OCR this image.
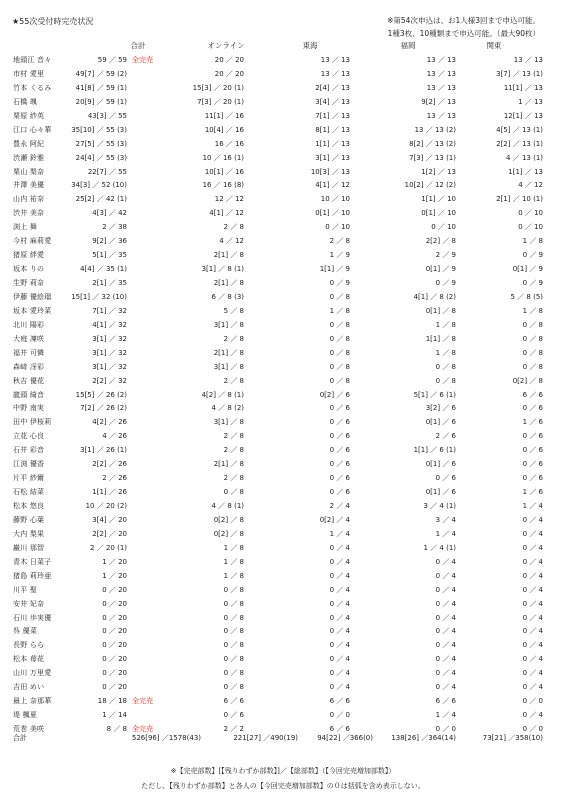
★55次受付時完売状況	※第54次申込は、お1人様3回まで申込可能。
1種3枚、10種類まで申込可能。（最大90枚）
合計	オンライン	東海	福岡	関東
地頭江 音々	59 ／ 59 全完売	20 ／ 20	13 ／ 13	13 ／ 13	13 ／ 13
市村 愛里	49[7] ／ 59 (2)	20 ／ 20	13 ／ 13	13 ／ 13	3[7] ／ 13 (1)
竹本 くるみ	41[8] ／ 59 (1)	15[3] ／ 20 (1)	2[4] ／ 13	13 ／ 13	11[1] ／ 13
石橋 颯	20[9] ／ 59 (1)	7[3] ／ 20 (1)	3[4] ／ 13	9[2] ／ 13	1 ／ 13
栗原 紗英	43[3] ／ 55	11[1] ／ 16	7[1] ／ 13	13 ／ 13	12[1] ／ 13
江口 心々華	35[10] ／ 55 (3)	10[4] ／ 16	8[1] ／ 13	13 ／ 13 (2)	4[5] ／ 13 (1)
豊永 阿紀	27[5] ／ 55 (3)	16 ／ 16	1[1] ／ 13	8[2] ／ 13 (2)	2[2] ／ 13 (1)
渋瀬 鈴雅	24[4] ／ 55 (3)	10 ／ 16 (1)	3[1] ／ 13	7[3] ／ 13 (1)	4 ／ 13 (1)
栗山 梨奈	22[7] ／ 55	10[1] ／ 16	10[3] ／ 13	1[2] ／ 13	1[1] ／ 13
井澤 美優	34[3] ／ 52 (10)	16 ／ 16 (8)	4[1] ／ 12	10[2] ／ 12 (2)	4 ／ 12
山内 祐奈	25[2] ／ 42 (1)	12 ／ 12	10 ／ 10	1[1] ／ 10	2[1] ／ 10 (1)
渋井 美奈	4[3] ／ 42	4[1] ／ 12	0[1] ／ 10	0[1] ／ 10	0 ／ 10
渕上 舞	2 ／ 38	2 ／ 8	0 ／ 10	0 ／ 10	0 ／ 10
今村 麻莉愛	9[2] ／ 36	4 ／ 12	2 ／ 8	2[2] ／ 8	1 ／ 8
猪原 絆愛	5[1] ／ 35	2[1] ／ 8	1 ／ 9	2 ／ 9	0 ／ 9
坂本 りの	4[4] ／ 35 (1)	3[1] ／ 8 (1)	1[1] ／ 9	0[1] ／ 9	0[1] ／ 9
生野 莉奈	2[1] ／ 35	2[1] ／ 8	0 ／ 9	0 ／ 9	0 ／ 9
伊藤 優絵瑠	15[1] ／ 32 (10)	6 ／ 8 (3)	0 ／ 8	4[1] ／ 8 (2)	5 ／ 8 (5)
坂本 愛玲菜	7[1] ／ 32	5 ／ 8	1 ／ 8	0[1] ／ 8	1 ／ 8
北川 陽彩	4[1] ／ 32	3[1] ／ 8	0 ／ 8	1 ／ 8	0 ／ 8
大庭 凜咲	3[1] ／ 32	2 ／ 8	0 ／ 8	1[1] ／ 8	0 ／ 8
福井 可憐	3[1] ／ 32	2[1] ／ 8	0 ／ 8	1 ／ 8	0 ／ 8
森﨑 冴彩	3[1] ／ 32	3[1] ／ 8	0 ／ 8	0 ／ 8	0 ／ 8
秋吉 優花	2[2] ／ 32	2 ／ 8	0 ／ 8	0 ／ 8	0[2] ／ 8
龍頭 綺音	15[5] ／ 26 (2)	4[2] ／ 8 (1)	0[2] ／ 6	5[1] ／ 6 (1)	6 ／ 6
中野 南実	7[2] ／ 26 (2)	4 ／ 8 (2)	0 ／ 6	3[2] ／ 6	0 ／ 6
田中 伊桜莉	4[2] ／ 26	3[1] ／ 8	0 ／ 6	0[1] ／ 6	1 ／ 6
立花 心良	4 ／ 26	2 ／ 8	0 ／ 6	2 ／ 6	0 ／ 6
石井 彩音	3[1] ／ 26 (1)	2 ／ 8	0 ／ 6	1[1] ／ 6 (1)	0 ／ 6
江渕 優香	2[2] ／ 26	2[1] ／ 8	0 ／ 6	0[1] ／ 6	0 ／ 6
片平 紗爾	2 ／ 26	2 ／ 8	0 ／ 6	0 ／ 6	0 ／ 6
石松 結菜	1[1] ／ 26	0 ／ 8	0 ／ 6	0[1] ／ 6	1 ／ 6
松本 悠良	10 ／ 20 (2)	4 ／ 8 (1)	2 ／ 4	3 ／ 4 (1)	1 ／ 4
藤野 心葉	3[4] ／ 20	0[2] ／ 8	0[2] ／ 4	3 ／ 4	0 ／ 4
大内 梨果	2[2] ／ 20	0[2] ／ 8	1 ／ 4	1 ／ 4	0 ／ 4
巖川 那智	2 ／ 20 (1)	1 ／ 8	0 ／ 4	1 ／ 4 (1)	0 ／ 4
青木 日菜子	1 ／ 20	1 ／ 8	0 ／ 4	0 ／ 4	0 ／ 4
猪島 莉玲亜	1 ／ 20	1 ／ 8	0 ／ 4	0 ／ 4	0 ／ 4
川平 聖	0 ／ 20	0 ／ 8	0 ／ 4	0 ／ 4	0 ／ 4
安井 妃奈	0 ／ 20	0 ／ 8	0 ／ 4	0 ／ 4	0 ／ 4
石川 歩実優	0 ／ 20	0 ／ 8	0 ／ 4	0 ／ 4	0 ／ 4
呉 優菜	0 ／ 20	0 ／ 8	0 ／ 4	0 ／ 4	0 ／ 4
長野 らら	0 ／ 20	0 ／ 8	0 ／ 4	0 ／ 4	0 ／ 4
松本 苺花	0 ／ 20	0 ／ 8	0 ／ 4	0 ／ 4	0 ／ 4
山川 万里愛	0 ／ 20	0 ／ 8	0 ／ 4	0 ／ 4	0 ／ 4
吉田 めい	0 ／ 20	0 ／ 8	0 ／ 4	0 ／ 4	0 ／ 4
最上 奈那華	18 ／ 18 全完売	6 ／ 6	6 ／ 6	6 ／ 6	0 ／ 0
堤 楓夏	1 ／ 14	0 ／ 6	0 ／ 0	1 ／ 4	0 ／ 4
荒巻 美咲	8 ／ 8 全完売	2 ／ 2	6 ／ 6	0 ／ 0	0 ／ 0
合計	526[96] ／1578(43)	221[27] ／490(19)	94[22] ／366(0)	138[26] ／364(14)	73[21] ／358(10)
※【完売部数】[【残りわずか部数】]／【総部数】（【今回完売増加部数】）
ただし、【残りわずか部数】と各人の【今回完売増加部数】の０は括弧を含め表示しない。
